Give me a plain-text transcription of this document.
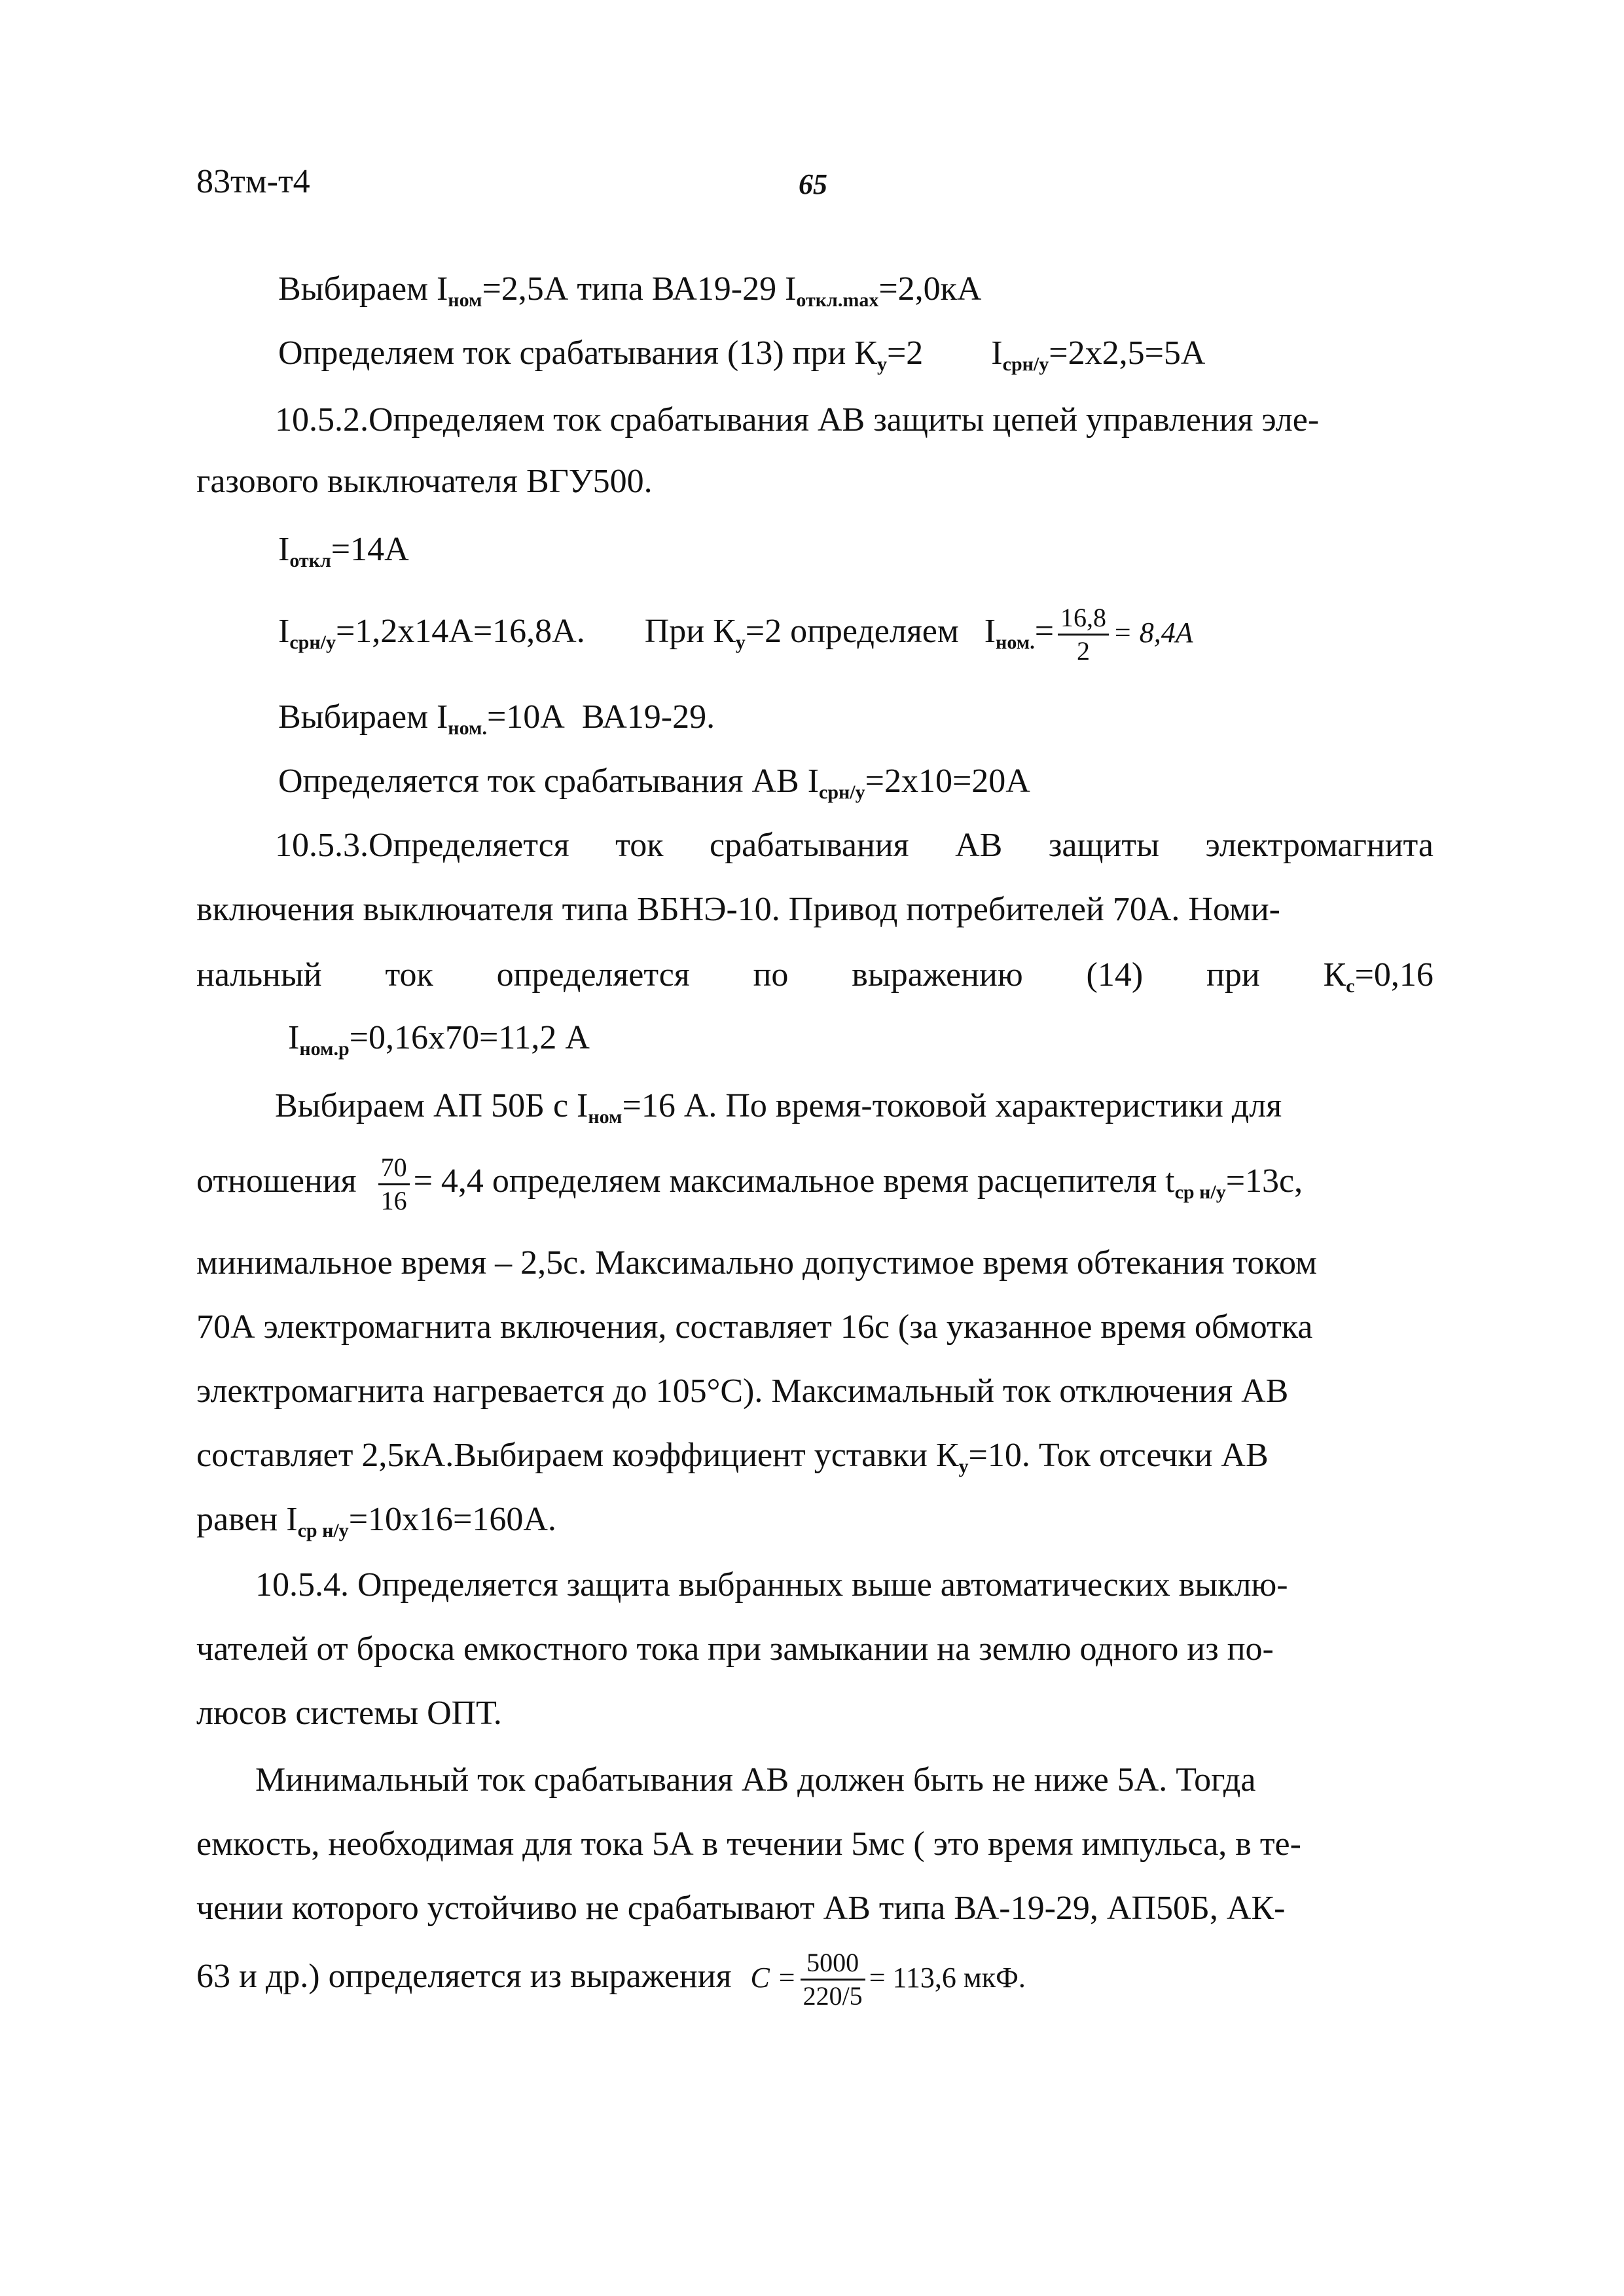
83тм-т4	65
Выбираем $I_{ном}=2,5А$ типа ВА19-29 $I_{откл.max}=2,0кА$
Определяем ток срабатывания (13) при $К_у=2$        $I_{срн/у}=2х2,5=5А$
10.5.2.Определяем ток срабатывания АВ защиты цепей управления эле-
газового выключателя ВГУ500.
$I_{откл}=14А$
$I_{срн/у}=1,2х14А=16,8А$.       При $К_у=2$ определяем   $I_{ном.}= \frac{16,8}{2} = 8,4А$
Выбираем $I_{ном.}=10А$  ВА19-29.
Определяется ток срабатывания АВ $I_{срн/у}=2х10=20А$
10.5.3.Определяется ток срабатывания АВ защиты электромагнита
включения выключателя типа ВБНЭ-10. Привод потребителей 70А. Номи-
нальный ток определяется по выражению (14) при $К_с=0,16$
$I_{ном.р}=0,16х70=11,2$ А
Выбираем АП 50Б с $I_{ном}=16$ А. По время-токовой характеристики для
отношения $\frac{70}{16} = 4,4$ определяем максимальное время расцепителя $t_{ср н/у}=13с$,
минимальное время – 2,5с. Максимально допустимое время обтекания током
70А электромагнита включения, составляет 16с (за указанное время обмотка
электромагнита нагревается до 105°С). Максимальный ток отключения АВ
составляет 2,5кА.Выбираем коэффициент уставки $К_у=10$. Ток отсечки АВ
равен $I_{ср н/у}=10х16=160А$.
10.5.4. Определяется защита выбранных выше автоматических выклю-
чателей от броска емкостного тока при замыкании на землю одного из по-
люсов системы ОПТ.
Минимальный ток срабатывания АВ должен быть не ниже 5А. Тогда
емкость, необходимая для тока 5А в течении 5мс ( это время импульса, в те-
чении которого устойчиво не срабатывают АВ типа ВА-19-29, АП50Б, АК-
63 и др.) определяется из выражения $С = \frac{5000}{220/5} = 113,6$ мкФ.
